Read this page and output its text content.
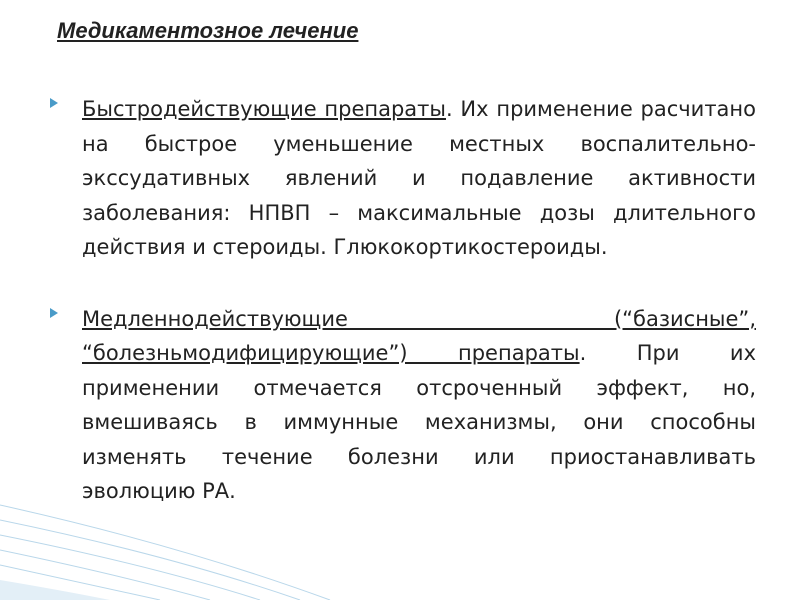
Медикаментозное лечение

Быстродействующие препараты. Их применение расчитано на быстрое уменьшение местных воспалительно-экссудативных явлений и подавление активности заболевания: НПВП – максимальные дозы длительного действия и стероиды. Глюкокортикостероиды.

Медленнодействующие (“базисные”, “болезньмодифицирующие”) препараты. При их применении отмечается отсроченный эффект, но, вмешиваясь в иммунные механизмы, они способны изменять течение болезни или приостанавливать эволюцию РА.
